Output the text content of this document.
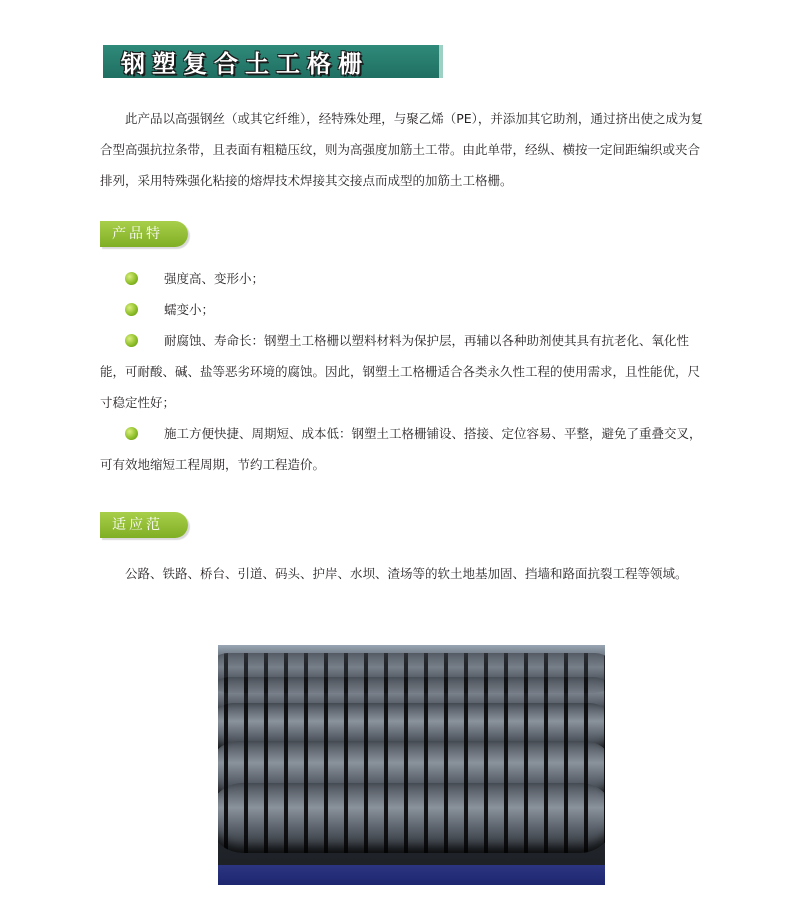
钢塑复合土工格栅

此产品以高强钢丝（或其它纤维），经特殊处理，与聚乙烯（PE），并添加其它助剂，通过挤出使之成为复合型高强抗拉条带，且表面有粗糙压纹，则为高强度加筋土工带。由此单带，经纵、横按一定间距编织或夹合排列，采用特殊强化粘接的熔焊技术焊接其交接点而成型的加筋土工格栅。

产品特点
强度高、变形小；
蠕变小；
耐腐蚀、寿命长：钢塑土工格栅以塑料材料为保护层，再辅以各种助剂使其具有抗老化、氧化性能，可耐酸、碱、盐等恶劣环境的腐蚀。因此，钢塑土工格栅适合各类永久性工程的使用需求，且性能优，尺寸稳定性好；
施工方便快捷、周期短、成本低：钢塑土工格栅铺设、搭接、定位容易、平整，避免了重叠交叉，可有效地缩短工程周期，节约工程造价。
适应范围

公路、铁路、桥台、引道、码头、护岸、水坝、渣场等的软土地基加固、挡墙和路面抗裂工程等领域。
